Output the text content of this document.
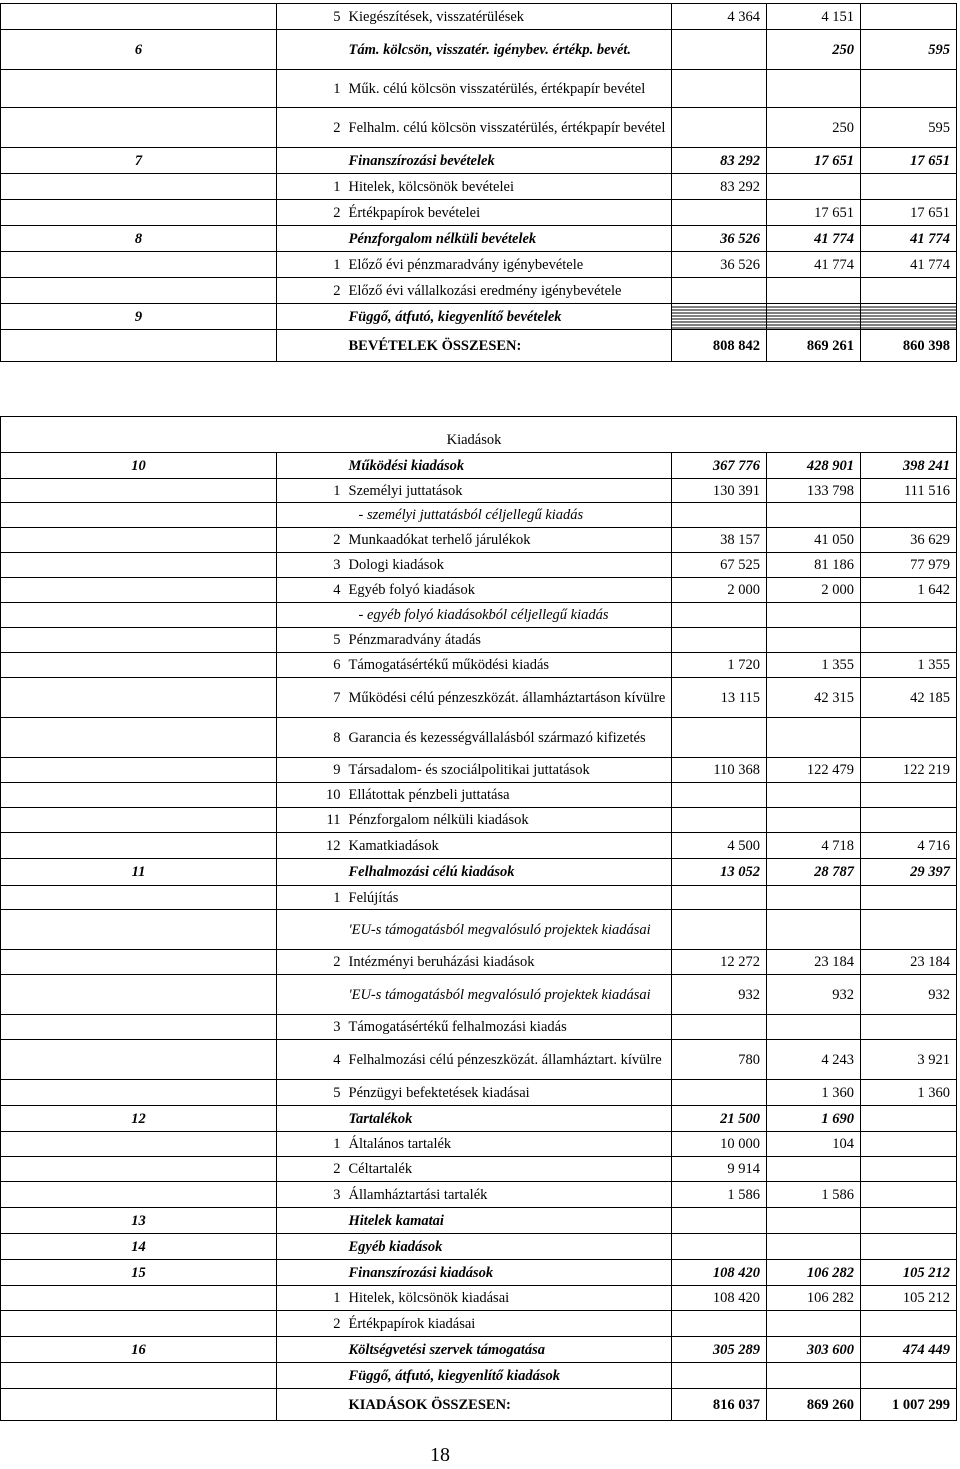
	5	Kiegészítések, visszatérülések	4 364	4 151	
6		Tám. kölcsön, visszatér. igénybev. értékp. bevét.		250	595
	1	Műk. célú kölcsön visszatérülés, értékpapír bevétel			
	2	Felhalm. célú kölcsön visszatérülés, értékpapír bevétel		250	595
7		Finanszírozási bevételek	83 292	17 651	17 651
	1	Hitelek, kölcsönök bevételei	83 292		
	2	Értékpapírok bevételei		17 651	17 651
8		Pénzforgalom nélküli bevételek	36 526	41 774	41 774
	1	Előző évi pénzmaradvány igénybevétele	36 526	41 774	41 774
	2	Előző évi vállalkozási eredmény igénybevétele			
9		Függő, átfutó, kiegyenlítő bevételek			
		BEVÉTELEK ÖSSZESEN:	808 842	869 261	860 398
	Kiadások				
10		Működési kiadások	367 776	428 901	398 241
	1	Személyi juttatások	130 391	133 798	111 516
		- személyi juttatásból céljellegű kiadás			
	2	Munkaadókat terhelő járulékok	38 157	41 050	36 629
	3	Dologi kiadások	67 525	81 186	77 979
	4	Egyéb folyó kiadások	2 000	2 000	1 642
		- egyéb folyó kiadásokból céljellegű kiadás			
	5	Pénzmaradvány átadás			
	6	Támogatásértékű működési kiadás	1 720	1 355	1 355
	7	Működési célú pénzeszközát. államháztartáson kívülre	13 115	42 315	42 185
	8	Garancia és kezességvállalásból származó kifizetés			
	9	Társadalom- és szociálpolitikai juttatások	110 368	122 479	122 219
	10	Ellátottak pénzbeli juttatása			
	11	Pénzforgalom nélküli kiadások			
	12	Kamatkiadások	4 500	4 718	4 716
11		Felhalmozási célú kiadások	13 052	28 787	29 397
	1	Felújítás			
		'EU-s támogatásból megvalósuló projektek kiadásai			
	2	Intézményi beruházási kiadások	12 272	23 184	23 184
		'EU-s támogatásból megvalósuló projektek kiadásai	932	932	932
	3	Támogatásértékű felhalmozási kiadás			
	4	Felhalmozási célú pénzeszközát. államháztart. kívülre	780	4 243	3 921
	5	Pénzügyi befektetések kiadásai		1 360	1 360
12		Tartalékok	21 500	1 690	
	1	Általános tartalék	10 000	104	
	2	Céltartalék	9 914		
	3	Államháztartási tartalék	1 586	1 586	
13		Hitelek kamatai			
14		Egyéb kiadások			
15		Finanszírozási kiadások	108 420	106 282	105 212
	1	Hitelek, kölcsönök kiadásai	108 420	106 282	105 212
	2	Értékpapírok kiadásai			
16		Költségvetési szervek támogatása	305 289	303 600	474 449
		Függő, átfutó, kiegyenlítő kiadások			
		KIADÁSOK ÖSSZESEN:	816 037	869 260	1 007 299
18
